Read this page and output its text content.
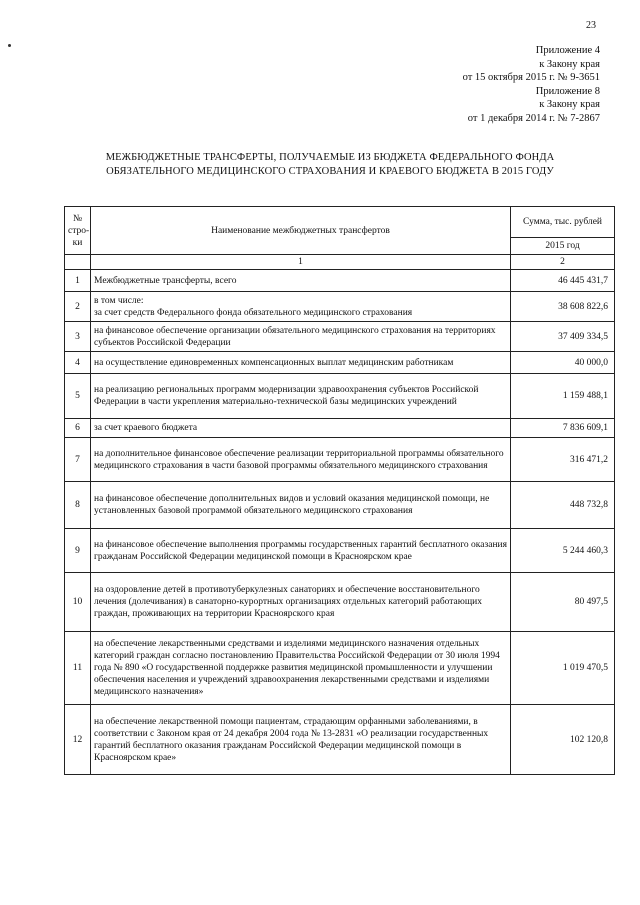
23
Приложение 4
к Закону края
от 15 октября 2015 г. № 9-3651
Приложение 8
к Закону края
от 1 декабря 2014 г. № 7-2867
МЕЖБЮДЖЕТНЫЕ ТРАНСФЕРТЫ, ПОЛУЧАЕМЫЕ ИЗ БЮДЖЕТА ФЕДЕРАЛЬНОГО ФОНДА
ОБЯЗАТЕЛЬНОГО МЕДИЦИНСКОГО СТРАХОВАНИЯ И КРАЕВОГО БЮДЖЕТА В 2015 ГОДУ
№ стро-ки	Наименование межбюджетных трансфертов	Сумма, тыс. рублей
		2015 год
	1	2
1	Межбюджетные трансферты, всего	46 445 431,7
2	в том числе:
за счет средств Федерального фонда обязательного медицинского страхования	38 608 822,6
3	на финансовое обеспечение организации обязательного медицинского страхования на территориях субъектов Российской Федерации	37 409 334,5
4	на осуществление единовременных компенсационных выплат медицинским работникам	40 000,0
5	на реализацию региональных программ модернизации здравоохранения субъектов Российской Федерации в части укрепления материально-технической базы медицинских учреждений	1 159 488,1
6	за счет краевого бюджета	7 836 609,1
7	на дополнительное финансовое обеспечение реализации территориальной программы обязательного медицинского страхования в части базовой программы обязательного медицинского страхования	316 471,2
8	на финансовое обеспечение дополнительных видов и условий оказания медицинской помощи, не установленных базовой программой обязательного медицинского страхования	448 732,8
9	на финансовое обеспечение выполнения программы государственных гарантий бесплатного оказания гражданам Российской Федерации медицинской помощи в Красноярском крае	5 244 460,3
10	на оздоровление детей в противотуберкулезных санаториях и обеспечение восстановительного лечения (долечивания) в санаторно-курортных организациях отдельных категорий работающих граждан, проживающих на территории Красноярского края	80 497,5
11	на обеспечение лекарственными средствами и изделиями медицинского назначения отдельных категорий граждан согласно постановлению Правительства Российской Федерации от 30 июля 1994 года № 890 «О государственной поддержке развития медицинской промышленности и улучшении обеспечения населения и учреждений здравоохранения лекарственными средствами и изделиями медицинского назначения»	1 019 470,5
12	на обеспечение лекарственной помощи пациентам, страдающим орфанными заболеваниями, в соответствии с Законом края от 24 декабря 2004 года № 13-2831 «О реализации государственных гарантий бесплатного оказания гражданам Российской Федерации медицинской помощи в Красноярском крае»	102 120,8
